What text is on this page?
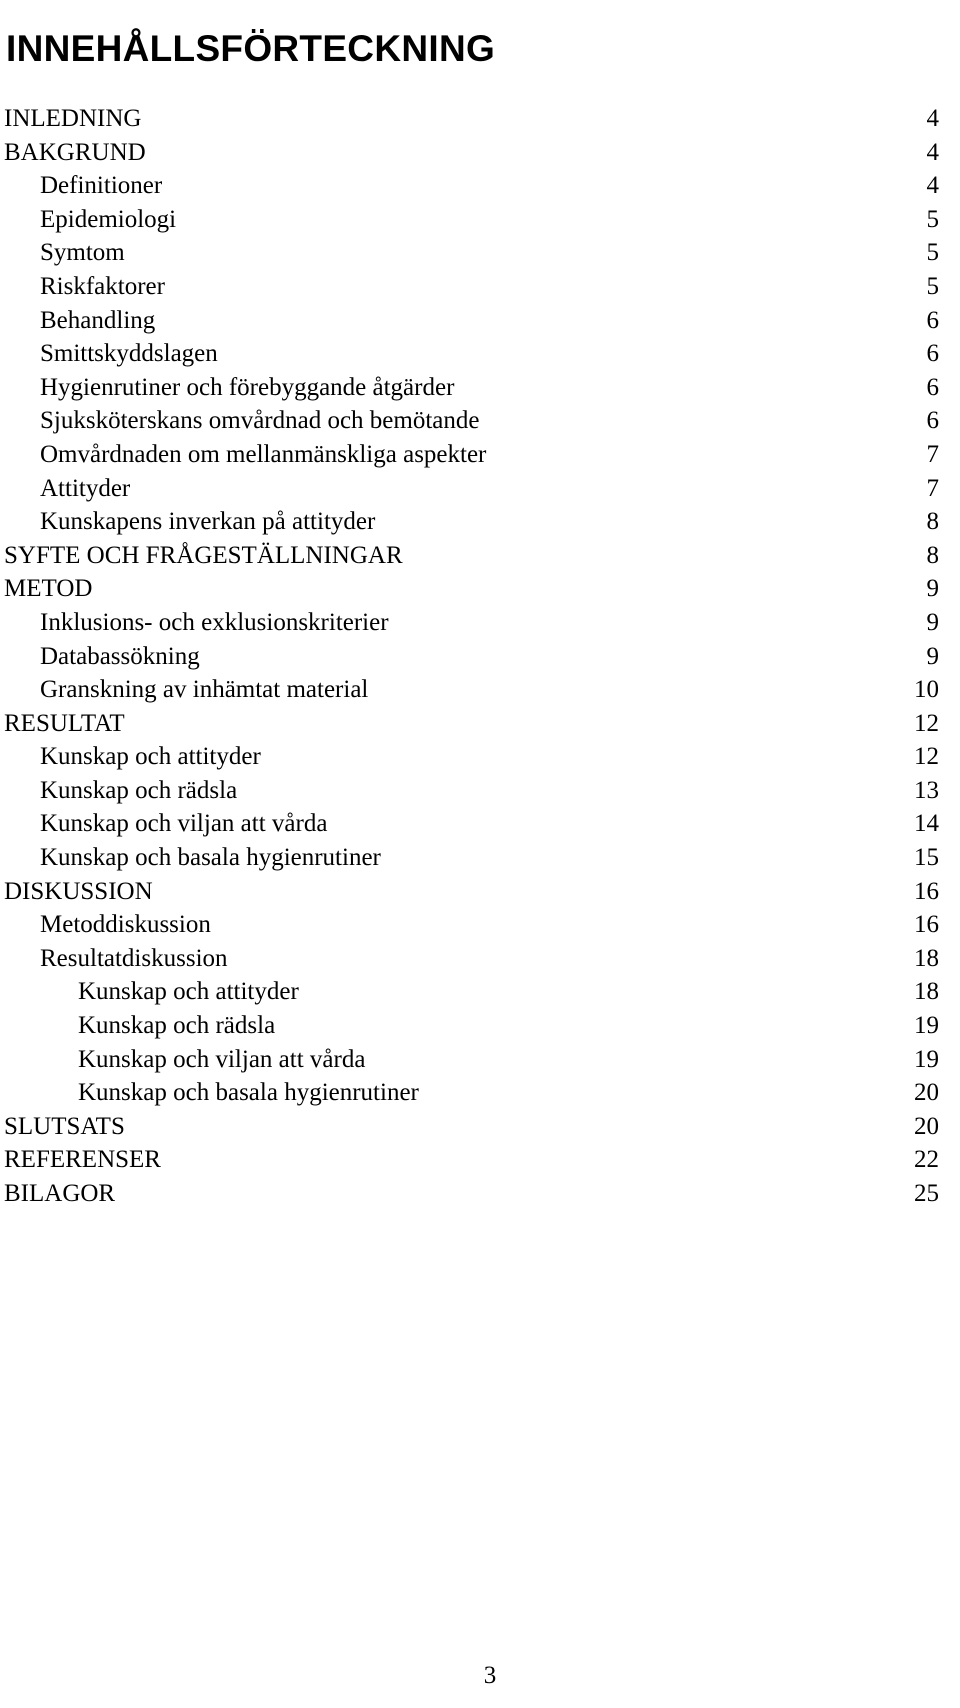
INNEHÅLLSFÖRTECKNING
INLEDNING	4
BAKGRUND	4
Definitioner	4
Epidemiologi	5
Symtom	5
Riskfaktorer	5
Behandling	6
Smittskyddslagen	6
Hygienrutiner och förebyggande åtgärder	6
Sjuksköterskans omvårdnad och bemötande	6
Omvårdnaden om mellanmänskliga aspekter	7
Attityder	7
Kunskapens inverkan på attityder	8
SYFTE OCH FRÅGESTÄLLNINGAR	8
METOD	9
Inklusions- och exklusionskriterier	9
Databassökning	9
Granskning av inhämtat material	10
RESULTAT	12
Kunskap och attityder	12
Kunskap och rädsla	13
Kunskap och viljan att vårda	14
Kunskap och basala hygienrutiner	15
DISKUSSION	16
Metoddiskussion	16
Resultatdiskussion	18
Kunskap och attityder	18
Kunskap och rädsla	19
Kunskap och viljan att vårda	19
Kunskap och basala hygienrutiner	20
SLUTSATS	20
REFERENSER	22
BILAGOR	25
3
